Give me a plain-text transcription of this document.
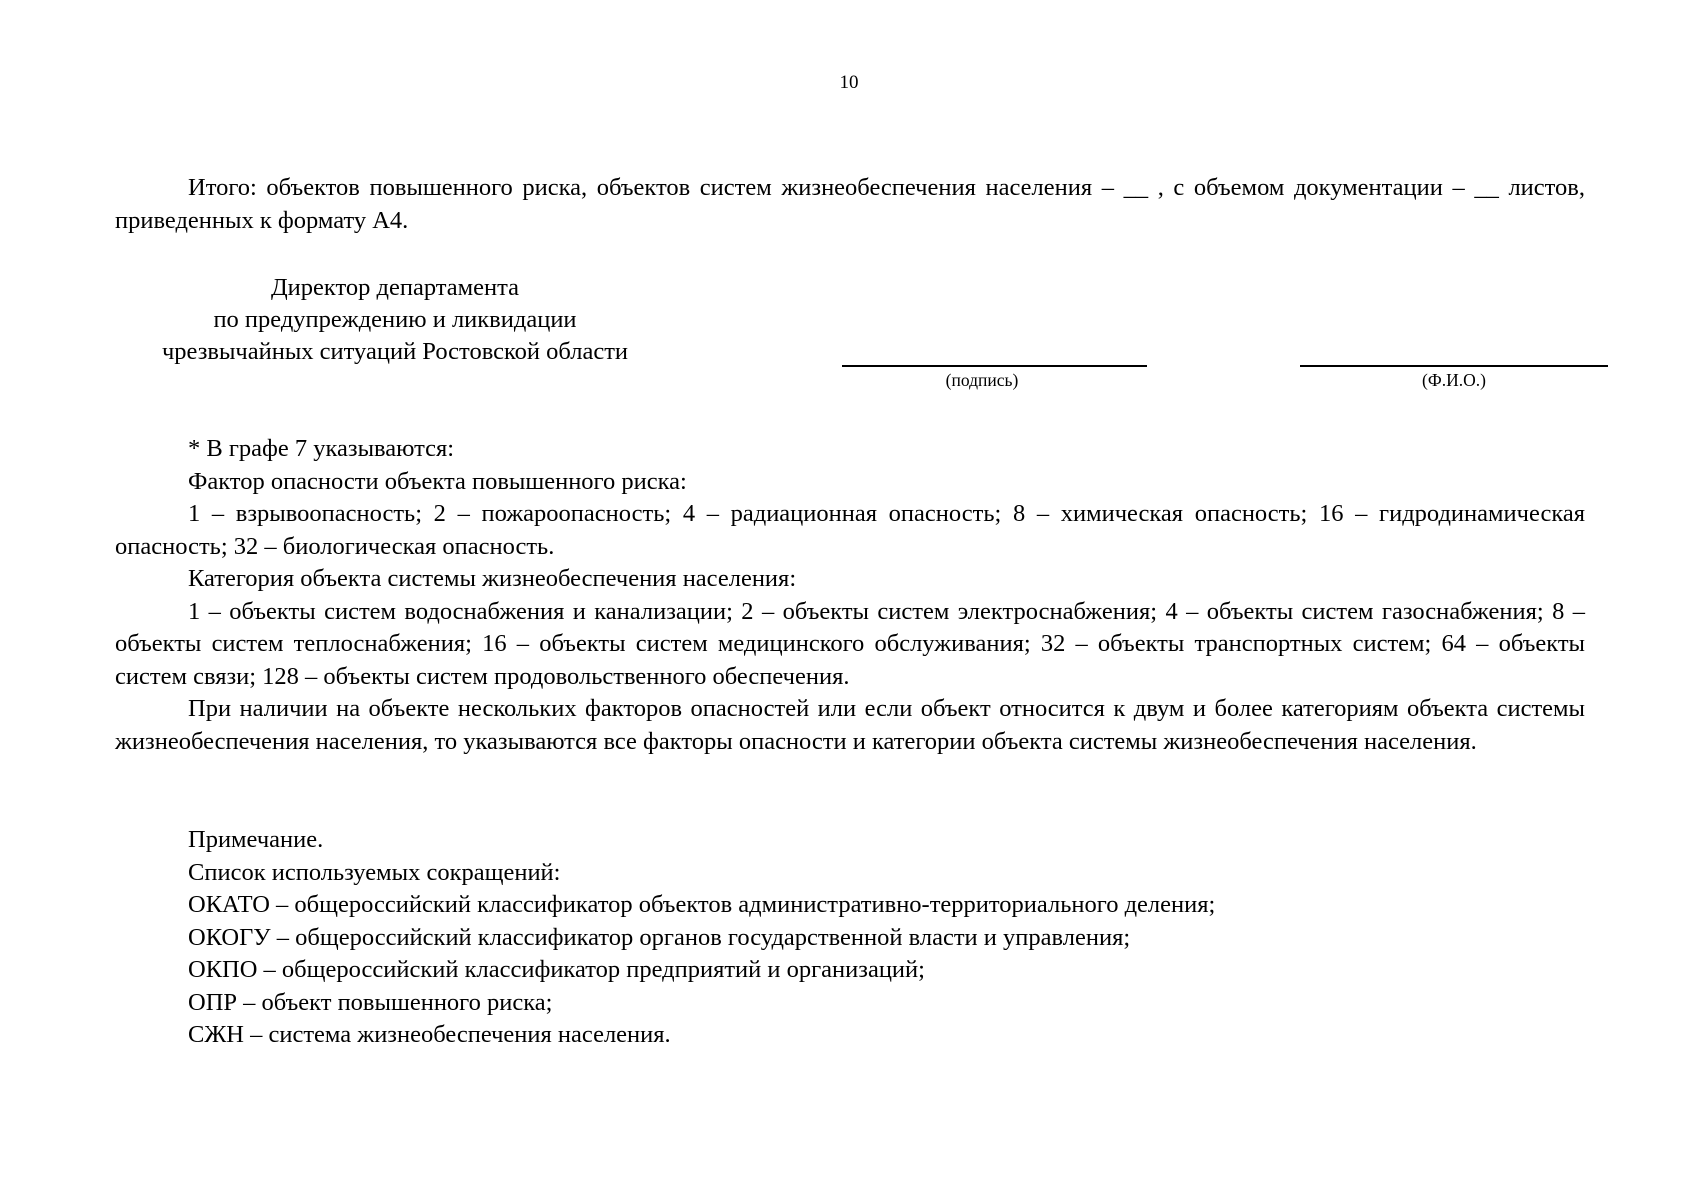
10

Итого: объектов повышенного риска, объектов систем жизнеобеспечения населения – __ , с объемом документации – __ листов, приведенных к формату А4.

Директор департамента

по предупреждению и ликвидации

чрезвычайных ситуаций Ростовской области

(подпись)	(Ф.И.О.)

* В графе 7 указываются:

Фактор опасности объекта повышенного риска:

1 – взрывоопасность; 2 – пожароопасность; 4 – радиационная опасность; 8 – химическая опасность; 16 – гидродинамическая опасность; 32 – биологическая опасность.

Категория объекта системы жизнеобеспечения населения:

1 – объекты систем водоснабжения и канализации; 2 – объекты систем электроснабжения; 4 – объекты систем газоснабжения; 8 – объекты систем теплоснабжения; 16 – объекты систем медицинского обслуживания; 32 – объекты транспортных систем; 64 – объекты систем связи; 128 – объекты систем продовольственного обеспечения.

При наличии на объекте нескольких факторов опасностей или если объект относится к двум и более категориям объекта системы жизнеобеспечения населения, то указываются все факторы опасности и категории объекта системы жизнеобеспечения населения.

Примечание.

Список используемых сокращений:

ОКАТО – общероссийский классификатор объектов административно-территориального деления;

ОКОГУ – общероссийский классификатор органов государственной власти и управления;

ОКПО – общероссийский классификатор предприятий и организаций;

ОПР – объект повышенного риска;

СЖН – система жизнеобеспечения населения.
